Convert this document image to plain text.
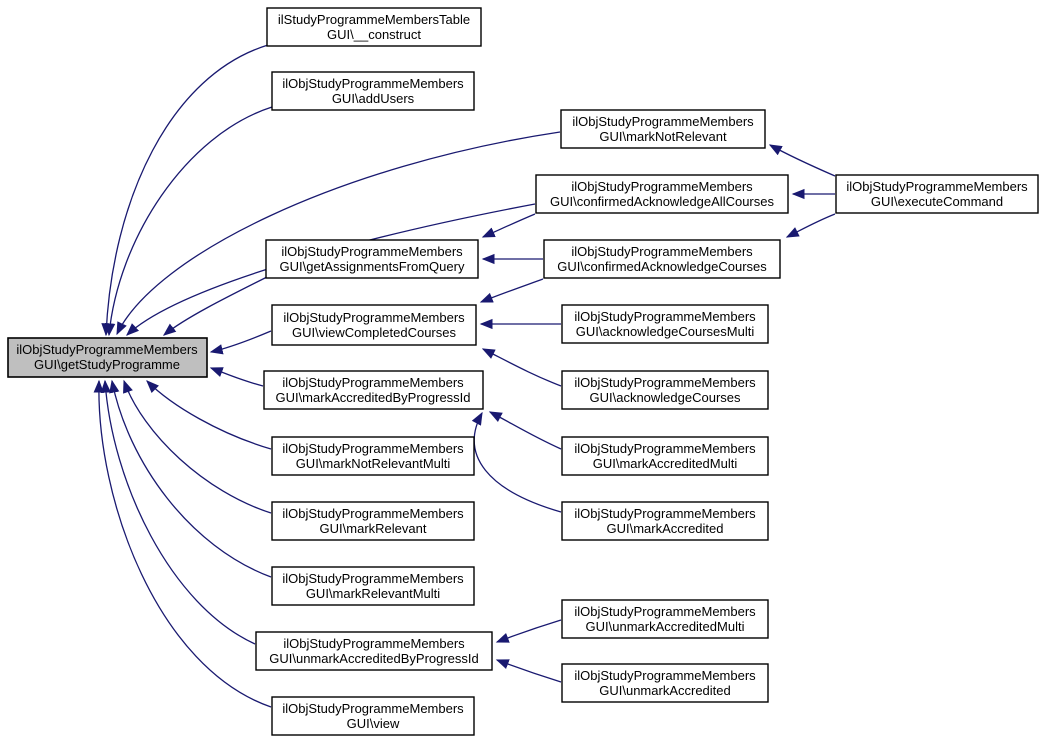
ilObjStudyProgrammeMembers
GUI\getStudyProgramme
ilStudyProgrammeMembersTable
GUI\__construct
ilObjStudyProgrammeMembers
GUI\addUsers
ilObjStudyProgrammeMembers
GUI\markNotRelevant
ilObjStudyProgrammeMembers
GUI\confirmedAcknowledgeAllCourses
ilObjStudyProgrammeMembers
GUI\executeCommand
ilObjStudyProgrammeMembers
GUI\getAssignmentsFromQuery
ilObjStudyProgrammeMembers
GUI\confirmedAcknowledgeCourses
ilObjStudyProgrammeMembers
GUI\viewCompletedCourses
ilObjStudyProgrammeMembers
GUI\acknowledgeCoursesMulti
ilObjStudyProgrammeMembers
GUI\markAccreditedByProgressId
ilObjStudyProgrammeMembers
GUI\acknowledgeCourses
ilObjStudyProgrammeMembers
GUI\markNotRelevantMulti
ilObjStudyProgrammeMembers
GUI\markAccreditedMulti
ilObjStudyProgrammeMembers
GUI\markRelevant
ilObjStudyProgrammeMembers
GUI\markAccredited
ilObjStudyProgrammeMembers
GUI\markRelevantMulti
ilObjStudyProgrammeMembers
GUI\unmarkAccreditedMulti
ilObjStudyProgrammeMembers
GUI\unmarkAccreditedByProgressId
ilObjStudyProgrammeMembers
GUI\unmarkAccredited
ilObjStudyProgrammeMembers
GUI\view
